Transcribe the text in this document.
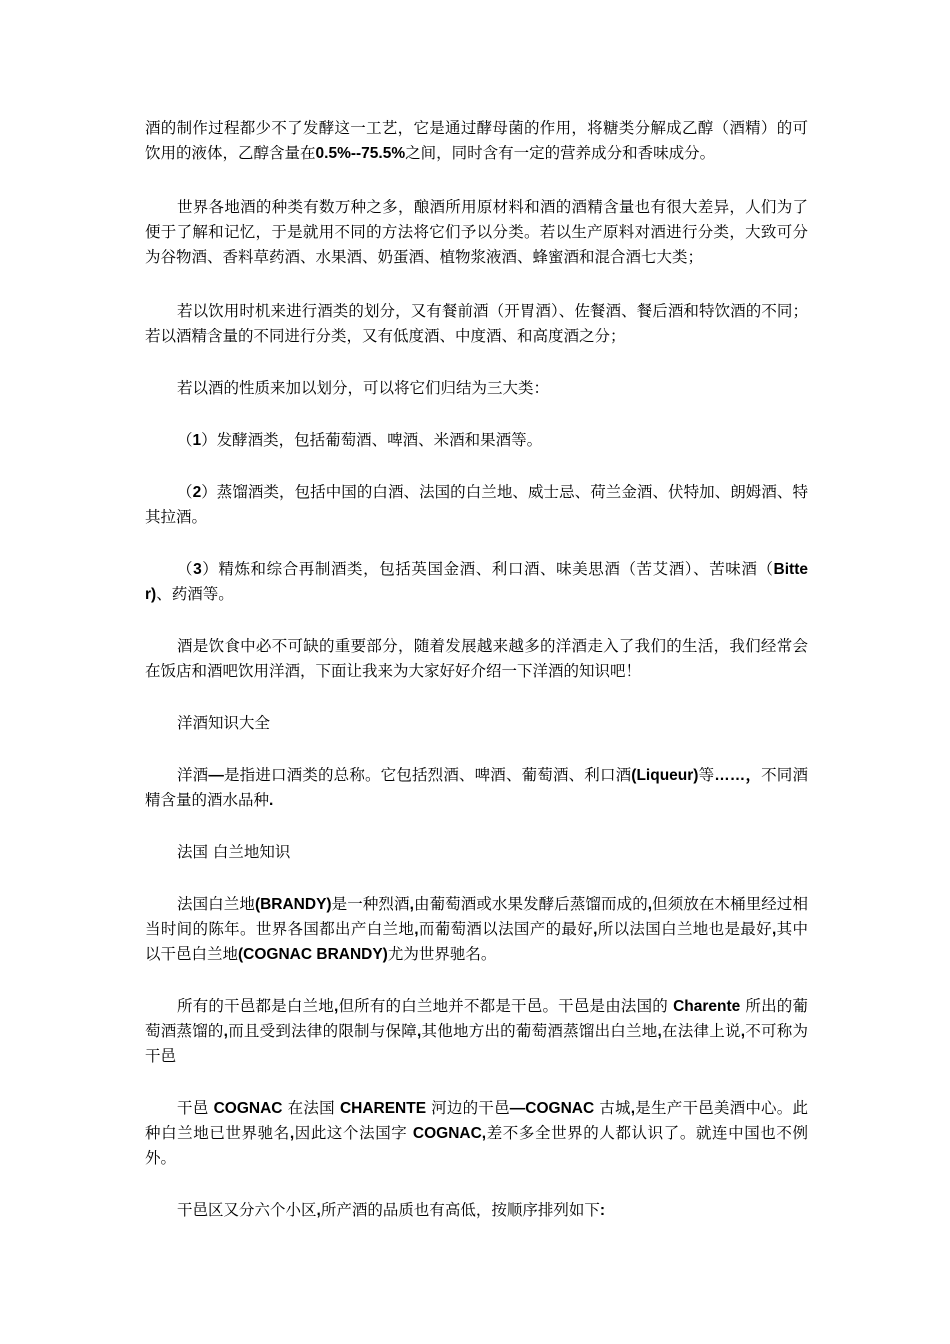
酒的制作过程都少不了发酵这一工艺，它是通过酵母菌的作用，将糖类分解成乙醇（酒精）的可饮用的液体，乙醇含量在0.5%--75.5%之间，同时含有一定的营养成分和香味成分。

世界各地酒的种类有数万种之多，酿酒所用原材料和酒的酒精含量也有很大差异，人们为了便于了解和记忆，于是就用不同的方法将它们予以分类。若以生产原料对酒进行分类，大致可分为谷物酒、香料草药酒、水果酒、奶蛋酒、植物浆液酒、蜂蜜酒和混合酒七大类；

若以饮用时机来进行酒类的划分，又有餐前酒（开胃酒）、佐餐酒、餐后酒和特饮酒的不同；若以酒精含量的不同进行分类，又有低度酒、中度酒、和高度酒之分；

若以酒的性质来加以划分，可以将它们归结为三大类：

（1）发酵酒类，包括葡萄酒、啤酒、米酒和果酒等。

（2）蒸馏酒类，包括中国的白酒、法国的白兰地、威士忌、荷兰金酒、伏特加、朗姆酒、特其拉酒。

（3）精炼和综合再制酒类，包括英国金酒、利口酒、味美思酒（苦艾酒）、苦味酒（Bitter)、药酒等。

酒是饮食中必不可缺的重要部分，随着发展越来越多的洋酒走入了我们的生活，我们经常会在饭店和酒吧饮用洋酒，下面让我来为大家好好介绍一下洋酒的知识吧！

洋酒知识大全

洋酒—是指进口酒类的总称。它包括烈酒、啤酒、葡萄酒、利口酒(Liqueur)等……，不同酒精含量的酒水品种.

法国 白兰地知识

法国白兰地(BRANDY)是一种烈酒,由葡萄酒或水果发酵后蒸馏而成的,但须放在木桶里经过相当时间的陈年。世界各国都出产白兰地,而葡萄酒以法国产的最好,所以法国白兰地也是最好,其中以干邑白兰地(COGNAC BRANDY)尤为世界驰名。

所有的干邑都是白兰地,但所有的白兰地并不都是干邑。干邑是由法国的 Charente 所出的葡萄酒蒸馏的,而且受到法律的限制与保障,其他地方出的葡萄酒蒸馏出白兰地,在法律上说,不可称为干邑

干邑 COGNAC 在法国 CHARENTE 河边的干邑—COGNAC 古城,是生产干邑美酒中心。此种白兰地已世界驰名,因此这个法国字 COGNAC,差不多全世界的人都认识了。就连中国也不例外。

干邑区又分六个小区,所产酒的品质也有高低，按顺序排列如下:
